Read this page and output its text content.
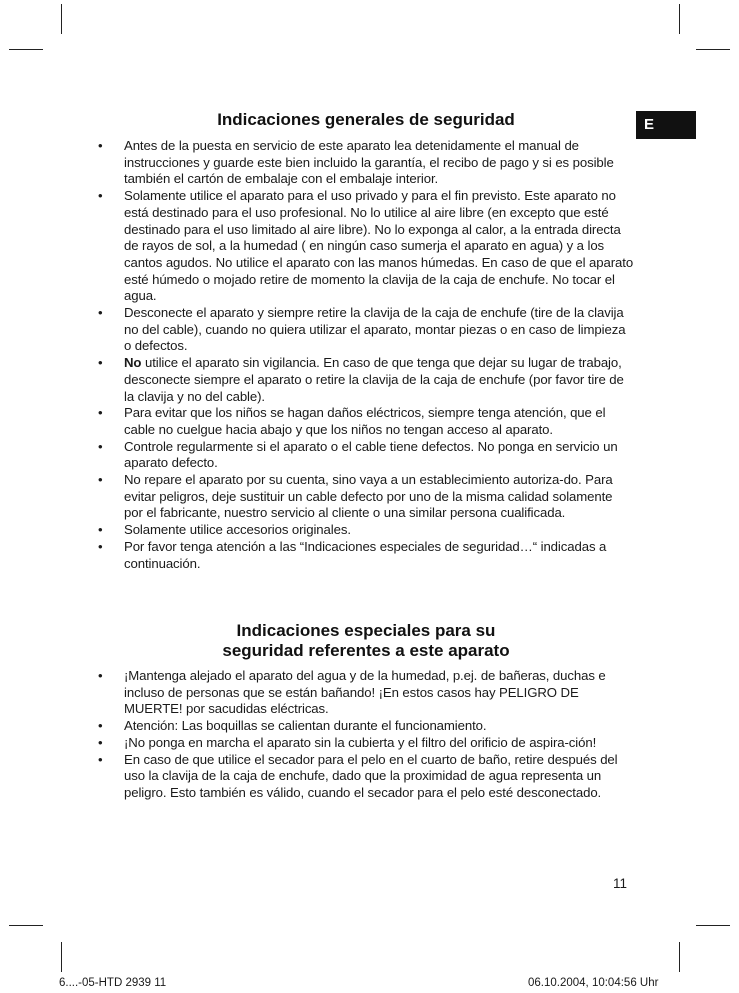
E
Indicaciones generales de seguridad
• Antes de la puesta en servicio de este aparato lea detenidamente el manual de instrucciones y guarde este bien incluido la garantía, el recibo de pago y si es posible también el cartón de embalaje con el embalaje interior.
• Solamente utilice el aparato para el uso privado y para el fin previsto. Este aparato no está destinado para el uso profesional. No lo utilice al aire libre (en excepto que esté destinado para el uso limitado al aire libre). No lo exponga al calor, a la entrada directa de rayos de sol, a la humedad ( en ningún caso sumerja el aparato en agua) y a los cantos agudos. No utilice el aparato con las manos húmedas. En caso de que el aparato esté húmedo o mojado retire de momento la clavija de la caja de enchufe. No tocar el agua.
• Desconecte el aparato y siempre retire la clavija de la caja de enchufe (tire de la clavija no del cable), cuando no quiera utilizar el aparato, montar piezas o en caso de limpieza o defectos.
• No utilice el aparato sin vigilancia. En caso de que tenga que dejar su lugar de trabajo, desconecte siempre el aparato o retire la clavija de la caja de enchufe (por favor tire de la clavija y no del cable).
• Para evitar que los niños se hagan daños eléctricos, siempre tenga atención, que el cable no cuelgue hacia abajo y que los niños no tengan acceso al aparato.
• Controle regularmente si el aparato o el cable tiene defectos. No ponga en servicio un aparato defecto.
• No repare el aparato por su cuenta, sino vaya a un establecimiento autoriza-do. Para evitar peligros, deje sustituir un cable defecto por uno de la misma calidad solamente por el fabricante, nuestro servicio al cliente o una similar persona cualificada.
• Solamente utilice accesorios originales.
• Por favor tenga atención a las “Indicaciones especiales de seguridad…“ indicadas a continuación.
Indicaciones especiales para su
seguridad referentes a este aparato
• ¡Mantenga alejado el aparato del agua y de la humedad, p.ej. de bañeras, duchas e incluso de personas que se están bañando! ¡En estos casos hay PELIGRO DE MUERTE! por sacudidas eléctricas.
• Atención: Las boquillas se calientan durante el funcionamiento.
• ¡No ponga en marcha el aparato sin la cubierta y el filtro del orificio de aspira-ción!
• En caso de que utilice el secador para el pelo en el cuarto de baño, retire después del uso la clavija de la caja de enchufe, dado que la proximidad de agua representa un peligro. Esto también es válido, cuando el secador para el pelo esté desconectado.
11
6....-05-HTD 2939 11	06.10.2004, 10:04:56 Uhr
